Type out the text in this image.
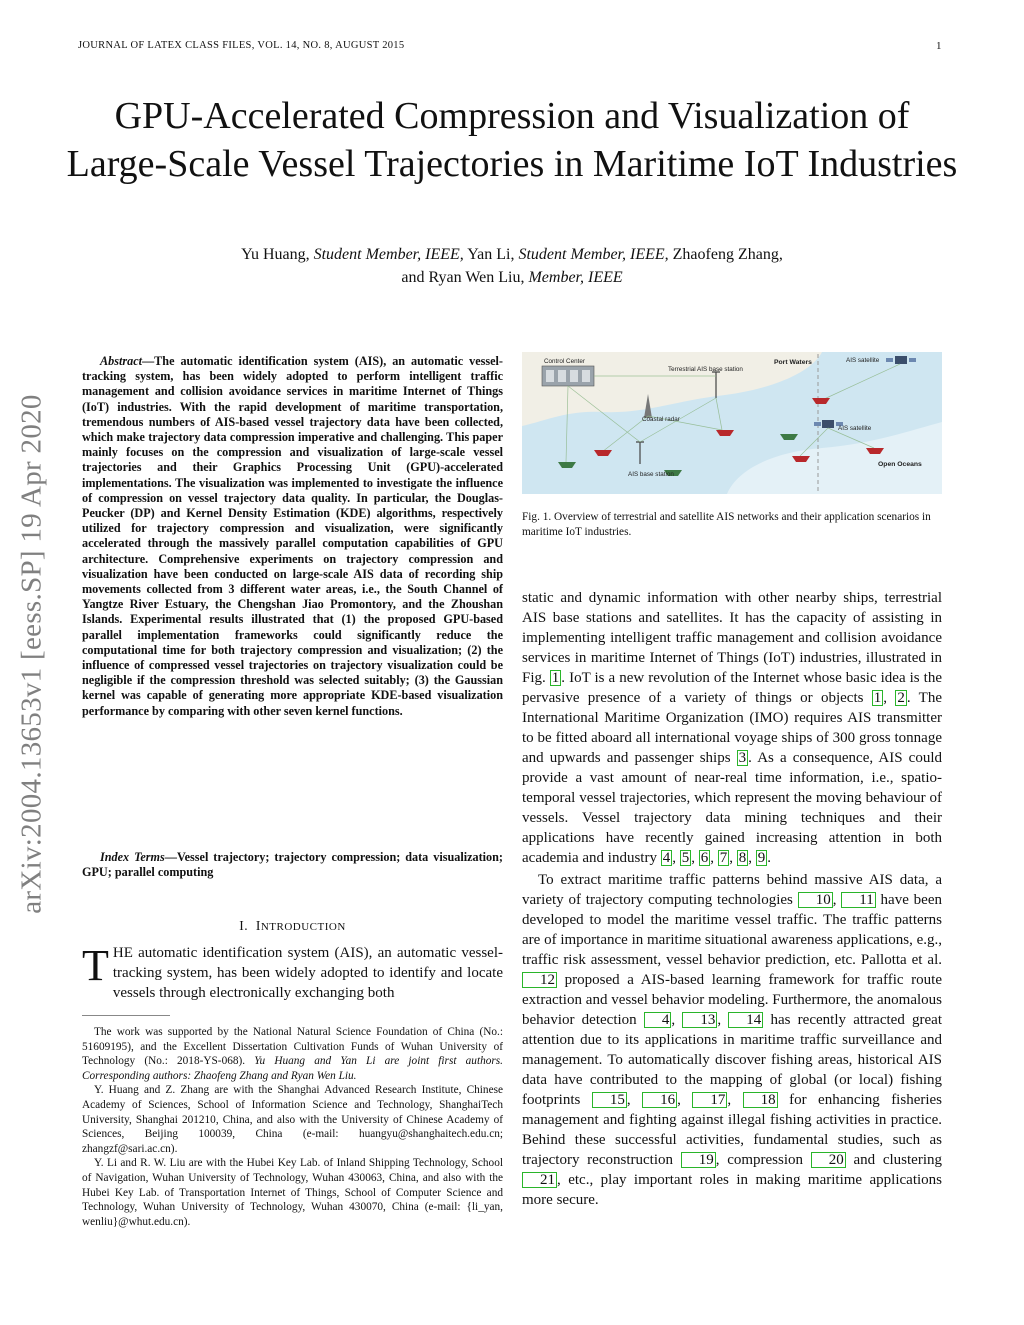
JOURNAL OF LATEX CLASS FILES, VOL. 14, NO. 8, AUGUST 2015	1
GPU-Accelerated Compression and Visualization of Large-Scale Vessel Trajectories in Maritime IoT Industries
Yu Huang, Student Member, IEEE, Yan Li, Student Member, IEEE, Zhaofeng Zhang,
and Ryan Wen Liu, Member, IEEE
arXiv:2004.13653v1 [eess.SP] 19 Apr 2020

Abstract—The automatic identification system (AIS), an automatic vessel-tracking system, has been widely adopted to perform intelligent traffic management and collision avoidance services in maritime Internet of Things (IoT) industries. With the rapid development of maritime transportation, tremendous numbers of AIS-based vessel trajectory data have been collected, which make trajectory data compression imperative and challenging. This paper mainly focuses on the compression and visualization of large-scale vessel trajectories and their Graphics Processing Unit (GPU)-accelerated implementations. The visualization was implemented to investigate the influence of compression on vessel trajectory data quality. In particular, the Douglas-Peucker (DP) and Kernel Density Estimation (KDE) algorithms, respectively utilized for trajectory compression and visualization, were significantly accelerated through the massively parallel computation capabilities of GPU architecture. Comprehensive experiments on trajectory compression and visualization have been conducted on large-scale AIS data of recording ship movements collected from 3 different water areas, i.e., the South Channel of Yangtze River Estuary, the Chengshan Jiao Promontory, and the Zhoushan Islands. Experimental results illustrated that (1) the proposed GPU-based parallel implementation frameworks could significantly reduce the computational time for both trajectory compression and visualization; (2) the influence of compressed vessel trajectories on trajectory visualization could be negligible if the compression threshold was selected suitably; (3) the Gaussian kernel was capable of generating more appropriate KDE-based visualization performance by comparing with other seven kernel functions.

Index Terms—Vessel trajectory; trajectory compression; data visualization; GPU; parallel computing

I. INTRODUCTION

THE automatic identification system (AIS), an automatic vessel-tracking system, has been widely adopted to identify and locate vessels through electronically exchanging both

The work was supported by the National Natural Science Foundation of China (No.: 51609195), and the Excellent Dissertation Cultivation Funds of Wuhan University of Technology (No.: 2018-YS-068). Yu Huang and Yan Li are joint first authors. Corresponding authors: Zhaofeng Zhang and Ryan Wen Liu.

Y. Huang and Z. Zhang are with the Shanghai Advanced Research Institute, Chinese Academy of Sciences, School of Information Science and Technology, ShanghaiTech University, Shanghai 201210, China, and also with the University of Chinese Academy of Sciences, Beijing 100039, China (e-mail: huangyu@shanghaitech.edu.cn; zhangzf@sari.ac.cn).

Y. Li and R. W. Liu are with the Hubei Key Lab. of Inland Shipping Technology, School of Navigation, Wuhan University of Technology, Wuhan 430063, China, and also with the Hubei Key Lab. of Transportation Internet of Things, School of Computer Science and Technology, Wuhan University of Technology, Wuhan 430070, China (e-mail: {li_yan, wenliu}@whut.edu.cn).

Control Center
Terrestrial AIS base station
Port Waters	AIS satellite
Coastal radar
AIS satellite
AIS base station
Open Oceans

Fig. 1. Overview of terrestrial and satellite AIS networks and their application scenarios in maritime IoT industries.

static and dynamic information with other nearby ships, terrestrial AIS base stations and satellites. It has the capacity of assisting in implementing intelligent traffic management and collision avoidance services in maritime Internet of Things (IoT) industries, illustrated in Fig. 1 . IoT is a new revolution of the Internet whose basic idea is the pervasive presence of a variety of things or objects 1 , 2 . The International Maritime Organization (IMO) requires AIS transmitter to be fitted aboard all international voyage ships of 300 gross tonnage and upwards and passenger ships 3 . As a consequence, AIS could provide a vast amount of near-real time information, i.e., spatio-temporal vessel trajectories, which represent the moving behaviour of vessels. Vessel trajectory data mining techniques and their applications have recently gained increasing attention in both academia and industry 4 , 5 , 6 , 7 , 8 , 9 .

To extract maritime traffic patterns behind massive AIS data, a variety of trajectory computing technologies 10 , 11 have been developed to model the maritime vessel traffic. The traffic patterns are of importance in maritime situational awareness applications, e.g., traffic risk assessment, vessel behavior prediction, etc. Pallotta et al. 12 proposed a AIS-based learning framework for traffic route extraction and vessel behavior modeling. Furthermore, the anomalous behavior detection 4 , 13 , 14 has recently attracted great attention due to its applications in maritime traffic surveillance and management. To automatically discover fishing areas, historical AIS data have contributed to the mapping of global (or local) fishing footprints 15 , 16 , 17 , 18 for enhancing fisheries management and fighting against illegal fishing activities in practice. Behind these successful activities, fundamental studies, such as trajectory reconstruction 19 , compression 20 and clustering 21 , etc., play important roles in making maritime applications more secure.
